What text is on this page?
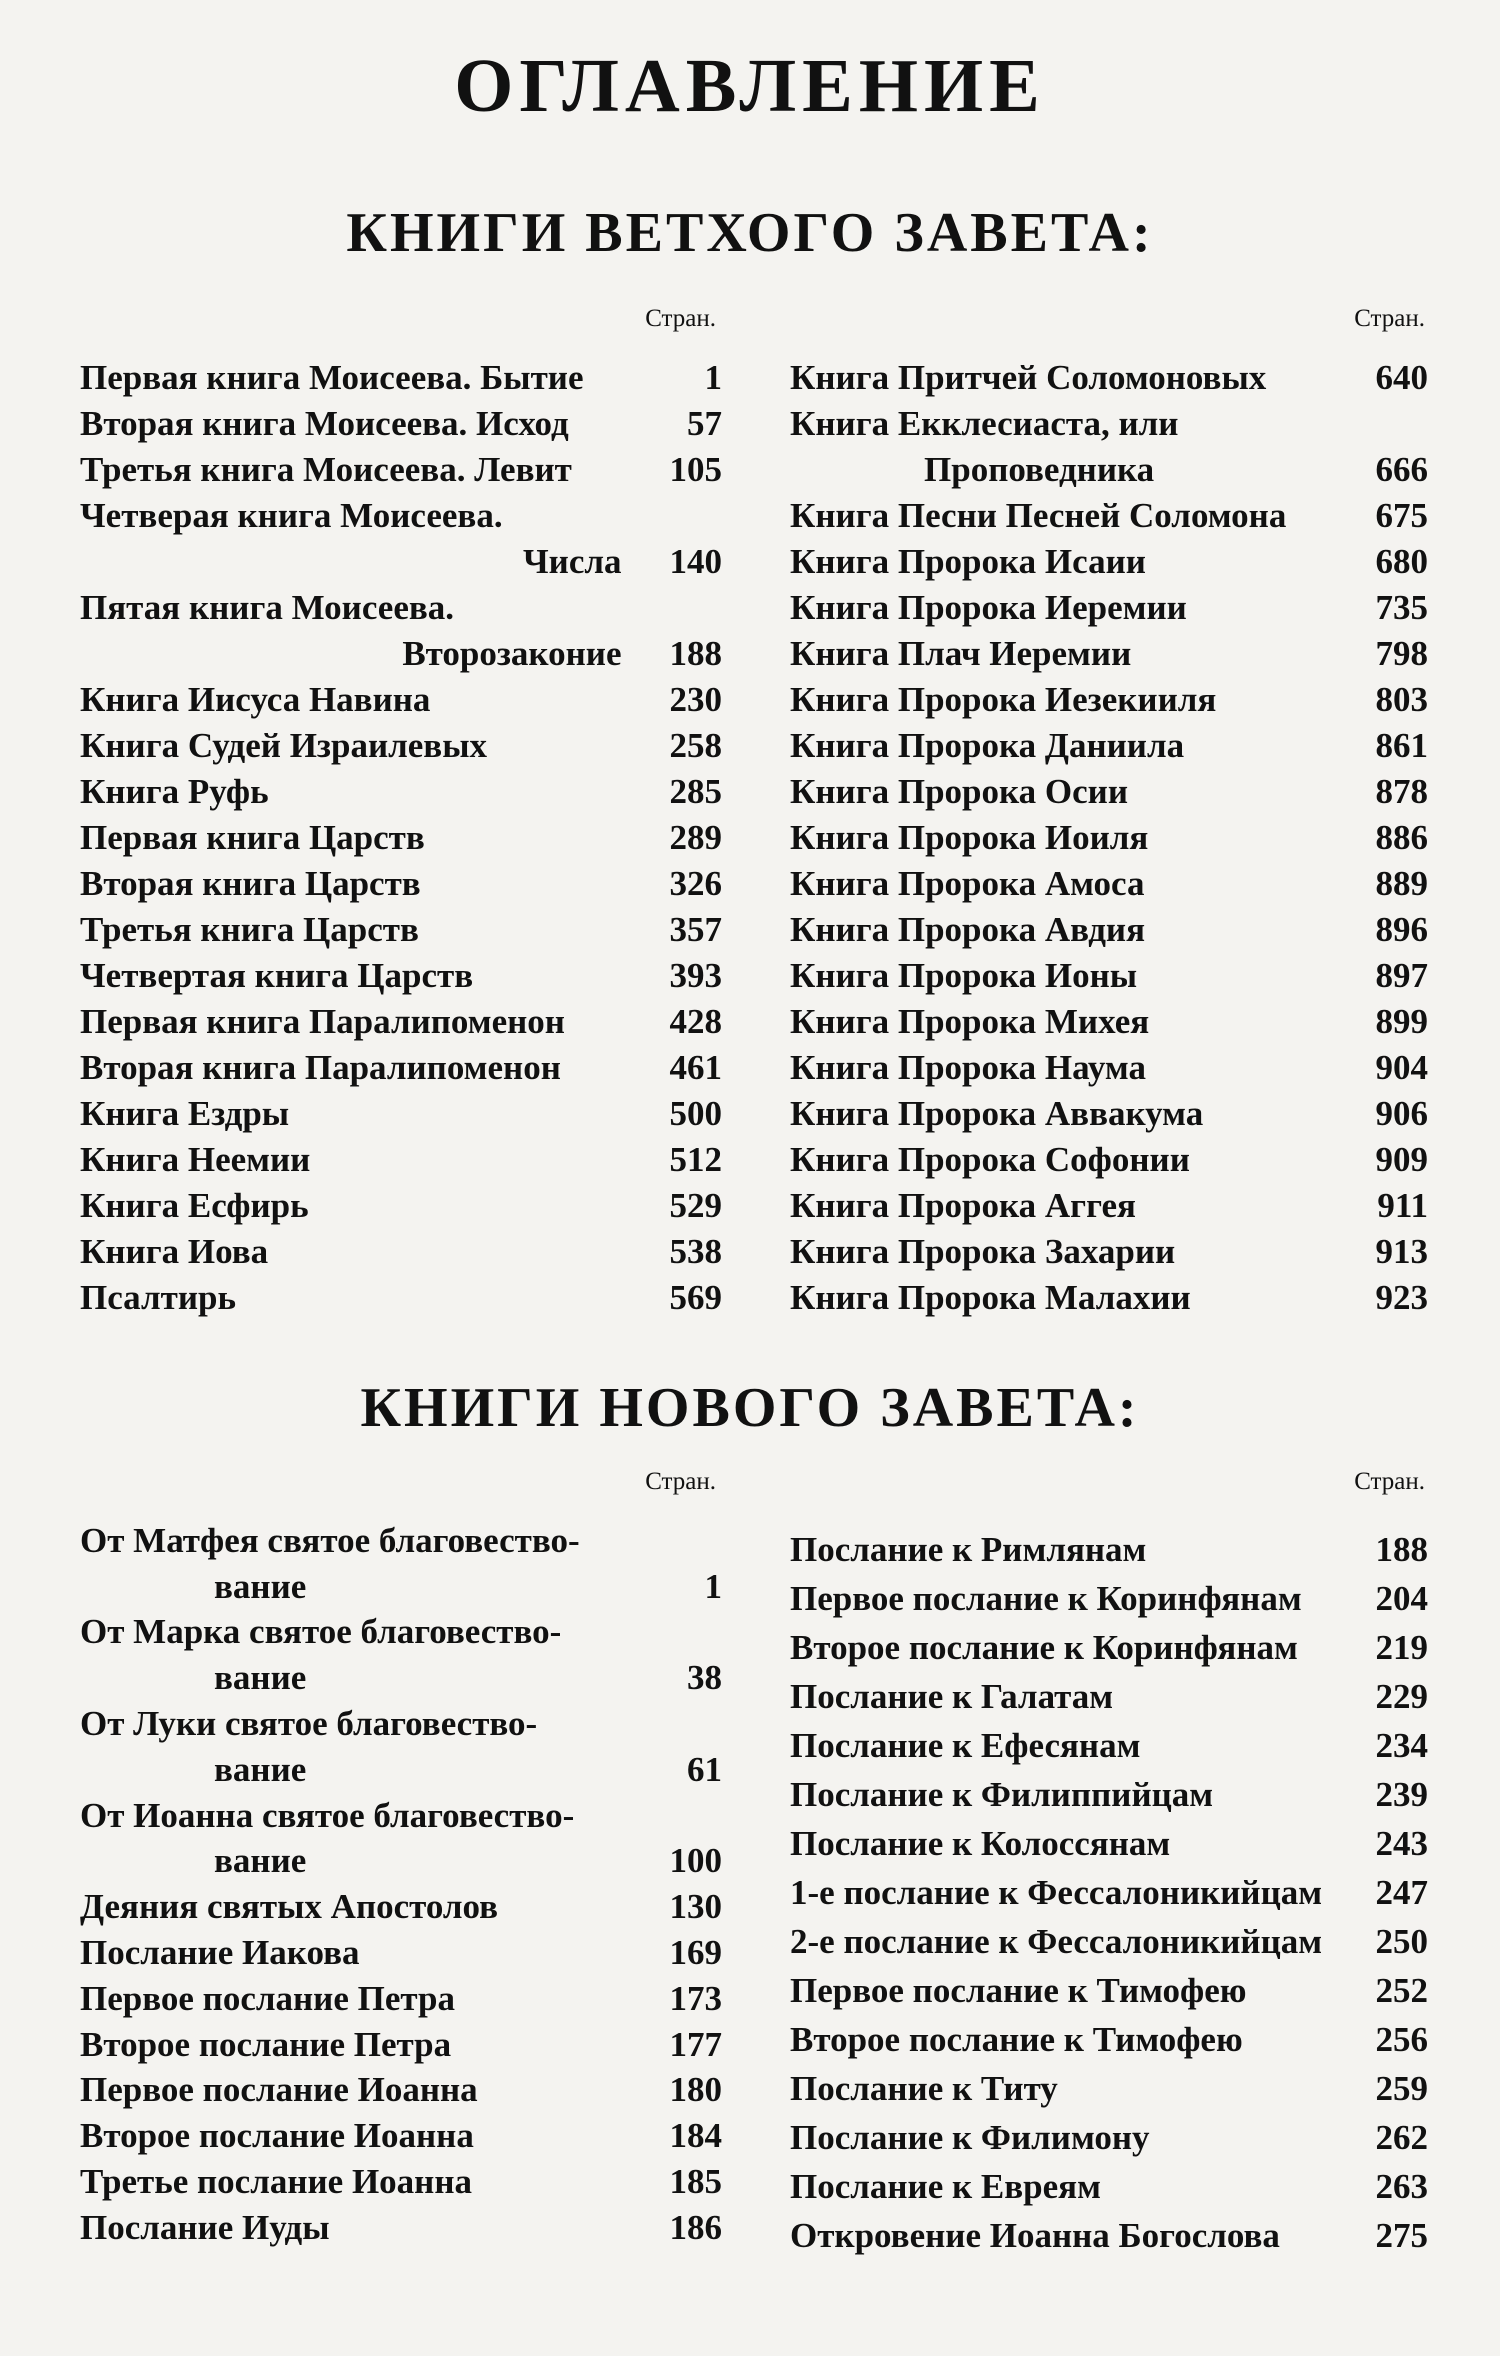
ОГЛАВЛЕНИЕ
КНИГИ ВЕТХОГО ЗАВЕТА:
Стран.	Стран.
Первая книга Моисеева. Бытие	1
Вторая книга Моисеева. Исход	57
Третья книга Моисеева. Левит	105
Четверая книга Моисеева.
Числа 140
Пятая книга Моисеева.
Второзаконие 188
Книга Иисуса Навина	230
Книга Судей Израилевых	258
Книга Руфь	285
Первая книга Царств	289
Вторая книга Царств	326
Третья книга Царств	357
Четвертая книга Царств	393
Первая книга Паралипоменон	428
Вторая книга Паралипоменон	461
Книга Ездры	500
Книга Неемии	512
Книга Есфирь	529
Книга Иова	538
Псалтирь	569
Книга Притчей Соломоновых	640
Книга Екклесиаста, или
Проповедника	666
Книга Песни Песней Соломона	675
Книга Пророка Исаии	680
Книга Пророка Иеремии	735
Книга Плач Иеремии	798
Книга Пророка Иезекииля	803
Книга Пророка Даниила	861
Книга Пророка Осии	878
Книга Пророка Иоиля	886
Книга Пророка Амоса	889
Книга Пророка Авдия	896
Книга Пророка Ионы	897
Книга Пророка Михея	899
Книга Пророка Наума	904
Книга Пророка Аввакума	906
Книга Пророка Софонии	909
Книга Пророка Аггея	911
Книга Пророка Захарии	913
Книга Пророка Малахии	923
КНИГИ НОВОГО ЗАВЕТА:
Стран.	Стран.
От Матфея святое благовество-
вание	1
От Марка святое благовество-
вание	38
От Луки святое благовество-
вание	61
От Иоанна святое благовество-
вание	100
Деяния святых Апостолов	130
Послание Иакова	169
Первое послание Петра	173
Второе послание Петра	177
Первое послание Иоанна	180
Второе послание Иоанна	184
Третье послание Иоанна	185
Послание Иуды	186
Послание к Римлянам	188
Первое послание к Коринфянам 204
Второе послание к Коринфянам 219
Послание к Галатам	229
Послание к Ефесянам	234
Послание к Филиппийцам	239
Послание к Колоссянам	243
1-е послание к Фессалоникийцам 247
2-е послание к Фессалоникийцам 250
Первое послание к Тимофею	252
Второе послание к Тимофею	256
Послание к Титу	259
Послание к Филимону	262
Послание к Евреям	263
Откровение Иоанна Богослова	275
